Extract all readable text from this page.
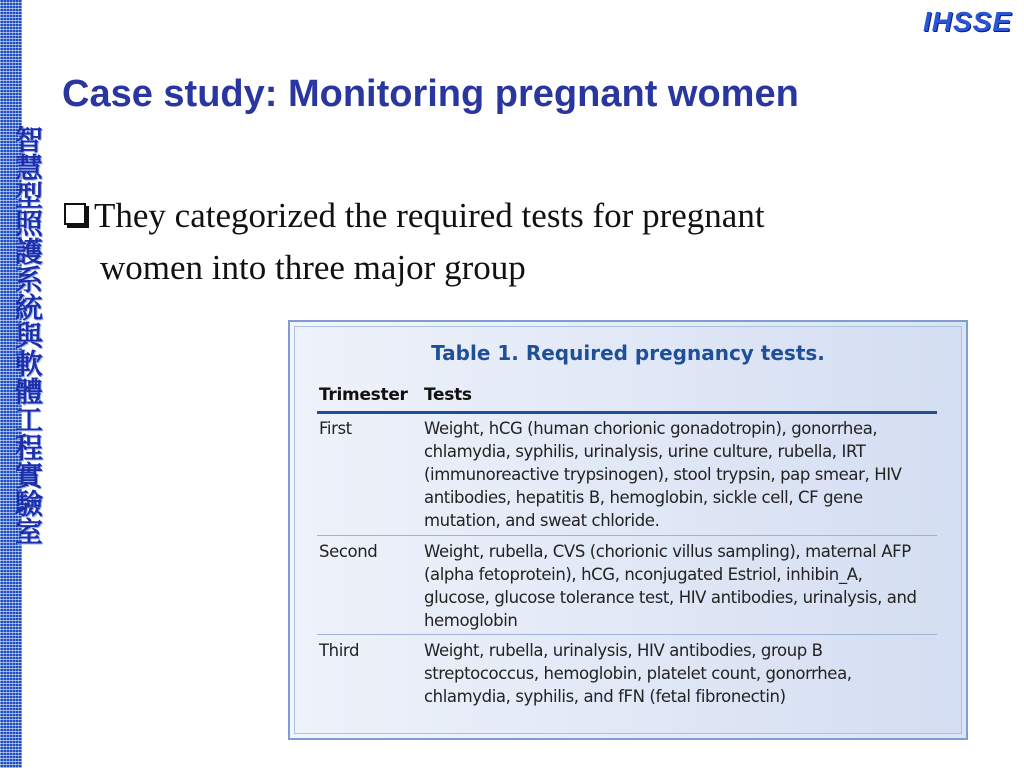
智慧型照護系統與軟體工程實驗室
IHSSE
Case study: Monitoring pregnant women
They categorized the required tests for pregnant
women into three major group
Table 1. Required pregnancy tests.
Trimester Tests
First	Weight, hCG (human chorionic gonadotropin), gonorrhea,
chlamydia, syphilis, urinalysis, urine culture, rubella, IRT
(immunoreactive trypsinogen), stool trypsin, pap smear, HIV
antibodies, hepatitis B, hemoglobin, sickle cell, CF gene
mutation, and sweat chloride.
Second	Weight, rubella, CVS (chorionic villus sampling), maternal AFP
(alpha fetoprotein), hCG, nconjugated Estriol, inhibin_A,
glucose, glucose tolerance test, HIV antibodies, urinalysis, and
hemoglobin
Third	Weight, rubella, urinalysis, HIV antibodies, group B
streptococcus, hemoglobin, platelet count, gonorrhea,
chlamydia, syphilis, and fFN (fetal fibronectin)
